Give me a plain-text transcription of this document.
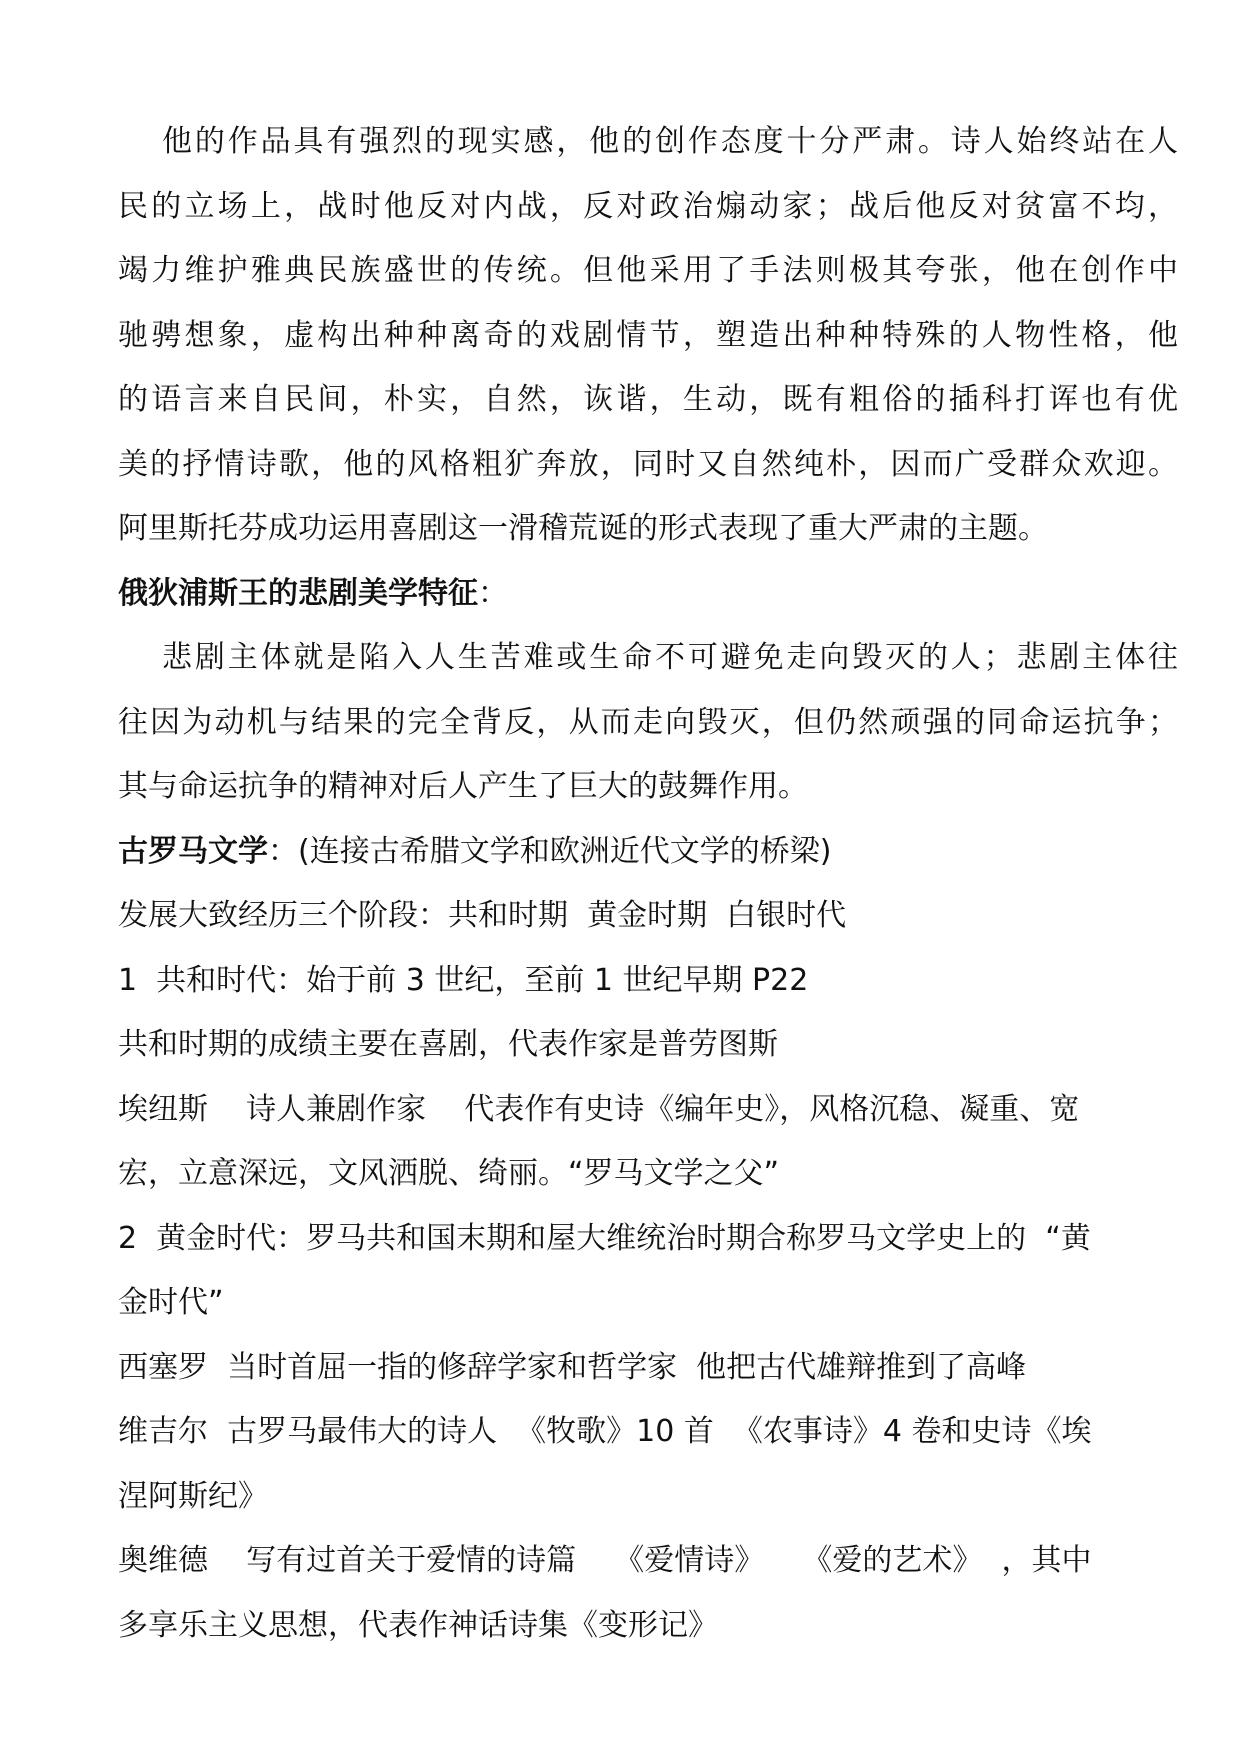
他的作品具有强烈的现实感，他的创作态度十分严肃。诗人始终站在人
民的立场上，战时他反对内战，反对政治煽动家；战后他反对贫富不均，
竭力维护雅典民族盛世的传统。但他采用了手法则极其夸张，他在创作中
驰骋想象，虚构出种种离奇的戏剧情节，塑造出种种特殊的人物性格，他
的语言来自民间，朴实，自然，诙谐，生动，既有粗俗的插科打诨也有优
美的抒情诗歌，他的风格粗犷奔放，同时又自然纯朴，因而广受群众欢迎。
阿里斯托芬成功运用喜剧这一滑稽荒诞的形式表现了重大严肃的主题。
俄狄浦斯王的悲剧美学特征：
悲剧主体就是陷入人生苦难或生命不可避免走向毁灭的人；悲剧主体往
往因为动机与结果的完全背反，从而走向毁灭，但仍然顽强的同命运抗争；
其与命运抗争的精神对后人产生了巨大的鼓舞作用。
古罗马文学：(连接古希腊文学和欧洲近代文学的桥梁)
发展大致经历三个阶段：共和时期  黄金时期  白银时代
1  共和时代：始于前 3 世纪，至前 1 世纪早期 P22
共和时期的成绩主要在喜剧，代表作家是普劳图斯
埃纽斯    诗人兼剧作家    代表作有史诗《编年史》，风格沉稳、凝重、宽
宏，立意深远，文风洒脱、绮丽。“罗马文学之父”
2  黄金时代：罗马共和国末期和屋大维统治时期合称罗马文学史上的  “黄
金时代”
西塞罗  当时首屈一指的修辞学家和哲学家  他把古代雄辩推到了高峰
维吉尔  古罗马最伟大的诗人  《牧歌》10 首  《农事诗》4 卷和史诗《埃
涅阿斯纪》
奥维德    写有过首关于爱情的诗篇    《爱情诗》    《爱的艺术》  ，其中
多享乐主义思想，代表作神话诗集《变形记》
